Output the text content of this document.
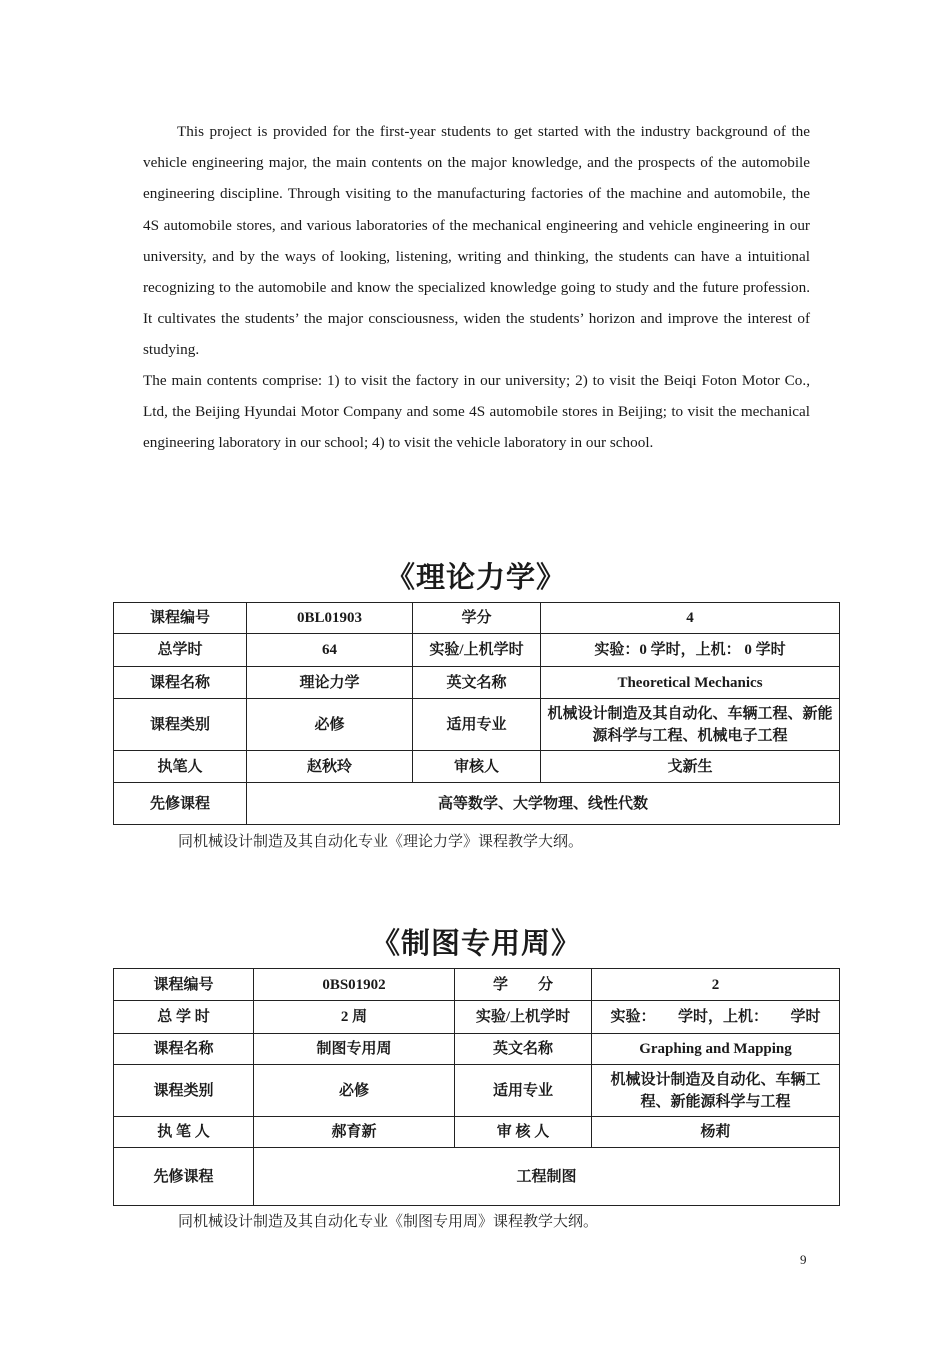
This project is provided for the first-year students to get started with the industry background of the vehicle engineering major, the main contents on the major knowledge, and the prospects of the automobile engineering discipline. Through visiting to the manufacturing factories of the machine and automobile, the 4S automobile stores, and various laboratories of the mechanical engineering and vehicle engineering in our university, and by the ways of looking, listening, writing and thinking, the students can have a intuitional recognizing to the automobile and know the specialized knowledge going to study and the future profession. It cultivates the students’ the major consciousness, widen the students’ horizon and improve the interest of studying.

The main contents comprise: 1) to visit the factory in our university; 2) to visit the Beiqi Foton Motor Co., Ltd, the Beijing Hyundai Motor Company and some 4S automobile stores in Beijing; to visit the mechanical engineering laboratory in our school; 4) to visit the vehicle laboratory in our school.

《理论力学》
课程编号	0BL01903	学分	4
总学时	64	实验/上机学时	实验：0 学时，上机： 0 学时
课程名称	理论力学	英文名称	Theoretical Mechanics
课程类别	必修	适用专业	机械设计制造及其自动化、车辆工程、新能源科学与工程、机械电子工程
执笔人	赵秋玲	审核人	戈新生
先修课程	高等数学、大学物理、线性代数		
同机械设计制造及其自动化专业《理论力学》课程教学大纲。
《制图专用周》
课程编号	0BS01902	学　　分	2
总 学 时	2 周	实验/上机学时	实验：　　学时，上机：　　学时
课程名称	制图专用周	英文名称	Graphing and Mapping
课程类别	必修	适用专业	机械设计制造及自动化、车辆工程、新能源科学与工程
执 笔 人	郝育新	审 核 人	杨莉
先修课程	工程制图		
同机械设计制造及其自动化专业《制图专用周》课程教学大纲。
9
